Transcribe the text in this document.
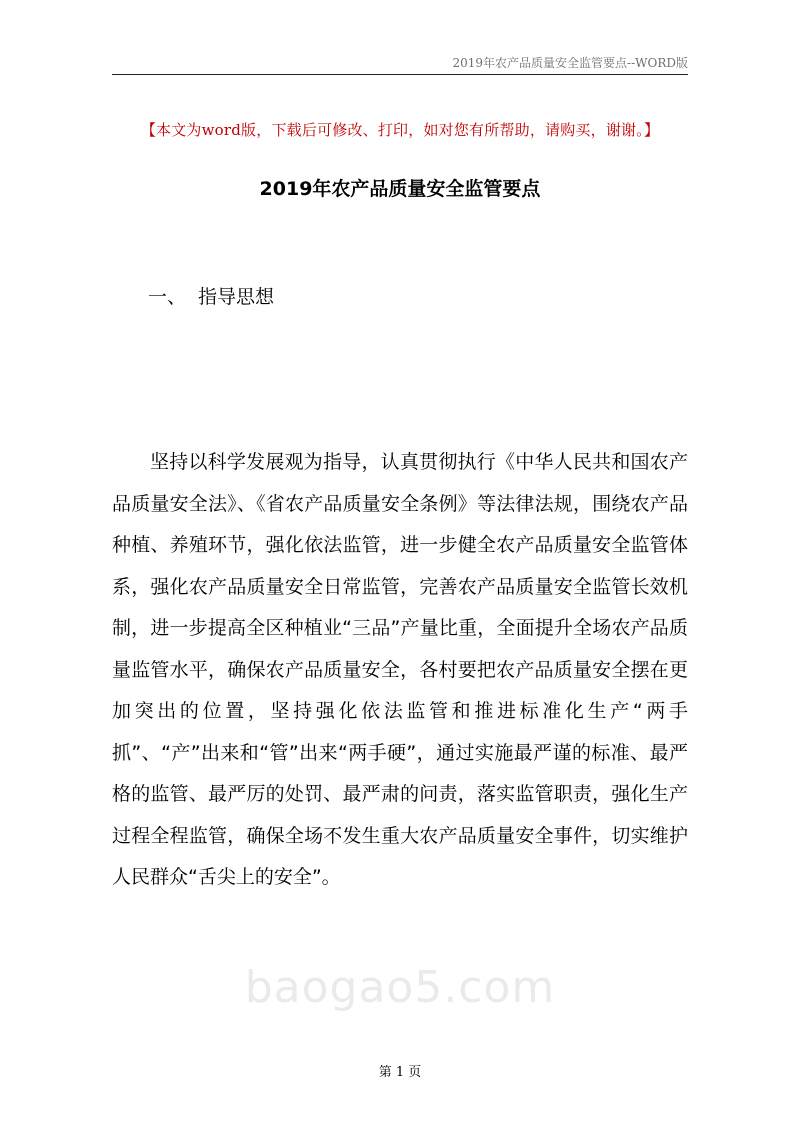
2019年农产品质量安全监管要点--WORD版
【本文为word版，下载后可修改、打印，如对您有所帮助，请购买，谢谢。】
2019年农产品质量安全监管要点
一、 指导思想

坚持以科学发展观为指导，认真贯彻执行《中华人民共和国农产品质量安全法》、《省农产品质量安全条例》等法律法规，围绕农产品种植、养殖环节，强化依法监管，进一步健全农产品质量安全监管体系，强化农产品质量安全日常监管，完善农产品质量安全监管长效机制，进一步提高全区种植业“三品”产量比重，全面提升全场农产品质量监管水平，确保农产品质量安全，各村要把农产品质量安全摆在更加突出的位置，坚持强化依法监管和推进标准化生产“两手抓”、“产”出来和“管”出来“两手硬”，通过实施最严谨的标准、最严格的监管、最严厉的处罚、最严肃的问责，落实监管职责，强化生产过程全程监管，确保全场不发生重大农产品质量安全事件，切实维护人民群众“舌尖上的安全”。

baogao5.com
第 1 页
